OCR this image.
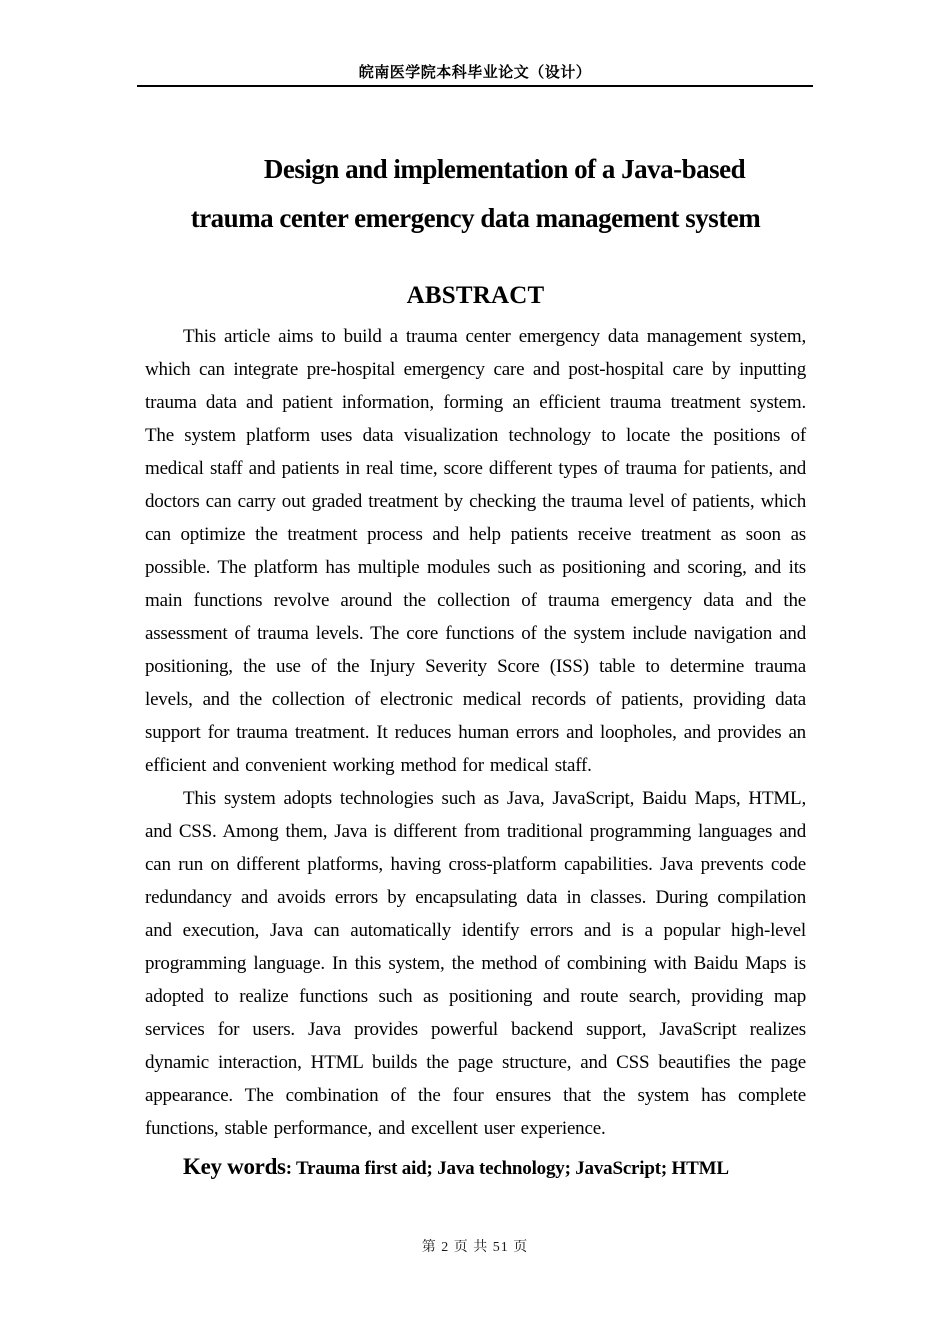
皖南医学院本科毕业论文（设计）
Design and implementation of a Java-based
trauma center emergency data management system
ABSTRACT

This article aims to build a trauma center emergency data management system, which can integrate pre-hospital emergency care and post-hospital care by inputting trauma data and patient information, forming an efficient trauma treatment system. The system platform uses data visualization technology to locate the positions of medical staff and patients in real time, score different types of trauma for patients, and doctors can carry out graded treatment by checking the trauma level of patients, which can optimize the treatment process and help patients receive treatment as soon as possible. The platform has multiple modules such as positioning and scoring, and its main functions revolve around the collection of trauma emergency data and the assessment of trauma levels. The core functions of the system include navigation and positioning, the use of the Injury Severity Score (ISS) table to determine trauma levels, and the collection of electronic medical records of patients, providing data support for trauma treatment. It reduces human errors and loopholes, and provides an efficient and convenient working method for medical staff.

This system adopts technologies such as Java, JavaScript, Baidu Maps, HTML, and CSS. Among them, Java is different from traditional programming languages and can run on different platforms, having cross-platform capabilities. Java prevents code redundancy and avoids errors by encapsulating data in classes. During compilation and execution, Java can automatically identify errors and is a popular high-level programming language. In this system, the method of combining with Baidu Maps is adopted to realize functions such as positioning and route search, providing map services for users. Java provides powerful backend support, JavaScript realizes dynamic interaction, HTML builds the page structure, and CSS beautifies the page appearance. The combination of the four ensures that the system has complete functions, stable performance, and excellent user experience.

Key words: Trauma first aid; Java technology; JavaScript; HTML

第 2 页 共 51 页
